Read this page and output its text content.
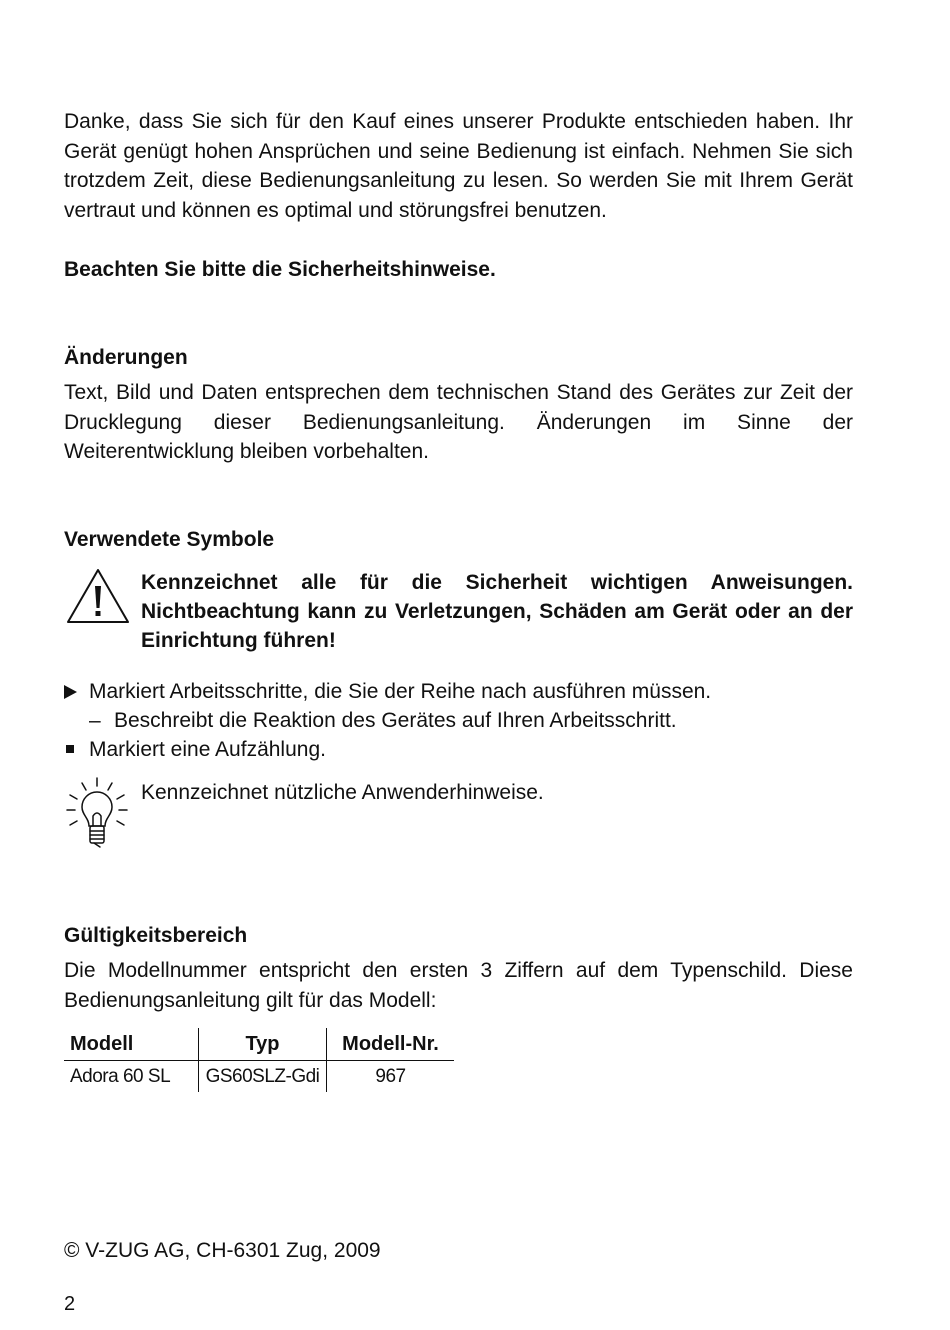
Danke, dass Sie sich für den Kauf eines unserer Produkte entschieden haben. Ihr Gerät genügt hohen Ansprüchen und seine Bedienung ist einfach. Nehmen Sie sich trotzdem Zeit, diese Bedienungsanleitung zu lesen. So werden Sie mit Ihrem Gerät vertraut und können es optimal und störungsfrei benutzen.

Beachten Sie bitte die Sicherheitshinweise.

Änderungen

Text, Bild und Daten entsprechen dem technischen Stand des Gerätes zur Zeit der Drucklegung dieser Bedienungsanleitung. Änderungen im Sinne der Weiterentwicklung bleiben vorbehalten.

Verwendete Symbole

Kennzeichnet alle für die Sicherheit wichtigen Anweisungen. Nichtbeachtung kann zu Verletzungen, Schäden am Gerät oder an der Einrichtung führen!

Markiert Arbeitsschritte, die Sie der Reihe nach ausführen müssen.
– Beschreibt die Reaktion des Gerätes auf Ihren Arbeitsschritt.
Markiert eine Aufzählung.

Kennzeichnet nützliche Anwenderhinweise.

Gültigkeitsbereich

Die Modellnummer entspricht den ersten 3 Ziffern auf dem Typenschild. Diese Bedienungsanleitung gilt für das Modell:

Modell	Typ	Modell-Nr.
Adora 60 SL	GS60SLZ-Gdi	967

© V-ZUG AG, CH-6301 Zug, 2009

2
